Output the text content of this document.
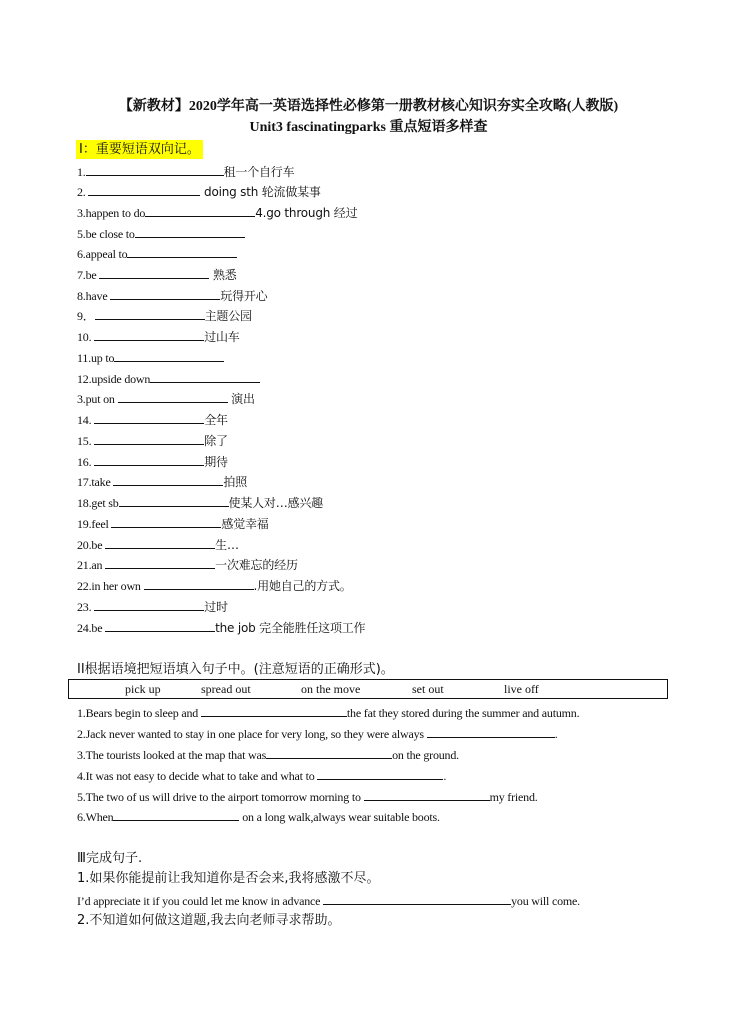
【新教材】2020学年高一英语选择性必修第一册教材核心知识夯实全攻略(人教版)
Unit3 fascinatingparks 重点短语多样查
I：重要短语双向记。
1.	租一个自行车
2.	doing sth 轮流做某事
3.happen to do	4.go through 经过
5.be close to
6.appeal to
7.be	熟悉
8.have	玩得开心
9．	主题公园
10.	过山车
11.up to
12.upside down
3.put on	演出
14.	全年
15.	除了
16.	期待
17.take	拍照
18.get sb	使某人对…感兴趣
19.feel	感觉幸福
20.be	生…
21.an	一次难忘的经历
22.in her own	.用她自己的方式。
23.	过时
24.be	the job 完全能胜任这项工作
II根据语境把短语填入句子中。(注意短语的正确形式)。
pick up	spread out	on the move	set out	live off
1.Bears begin to sleep and	the fat they stored during the summer and autumn.
2.Jack never wanted to stay in one place for very long, so they were always	.
3.The tourists looked at the map that was	on the ground.
4.It was not easy to decide what to take and what to	.
5.The two of us will drive to the airport tomorrow morning to	my friend.
6.When	on a long walk,always wear suitable boots.
Ⅲ完成句子.
1.如果你能提前让我知道你是否会来,我将感激不尽。
I’d appreciate it if you could let me know in advance	you will come.
2.不知道如何做这道题,我去向老师寻求帮助。
